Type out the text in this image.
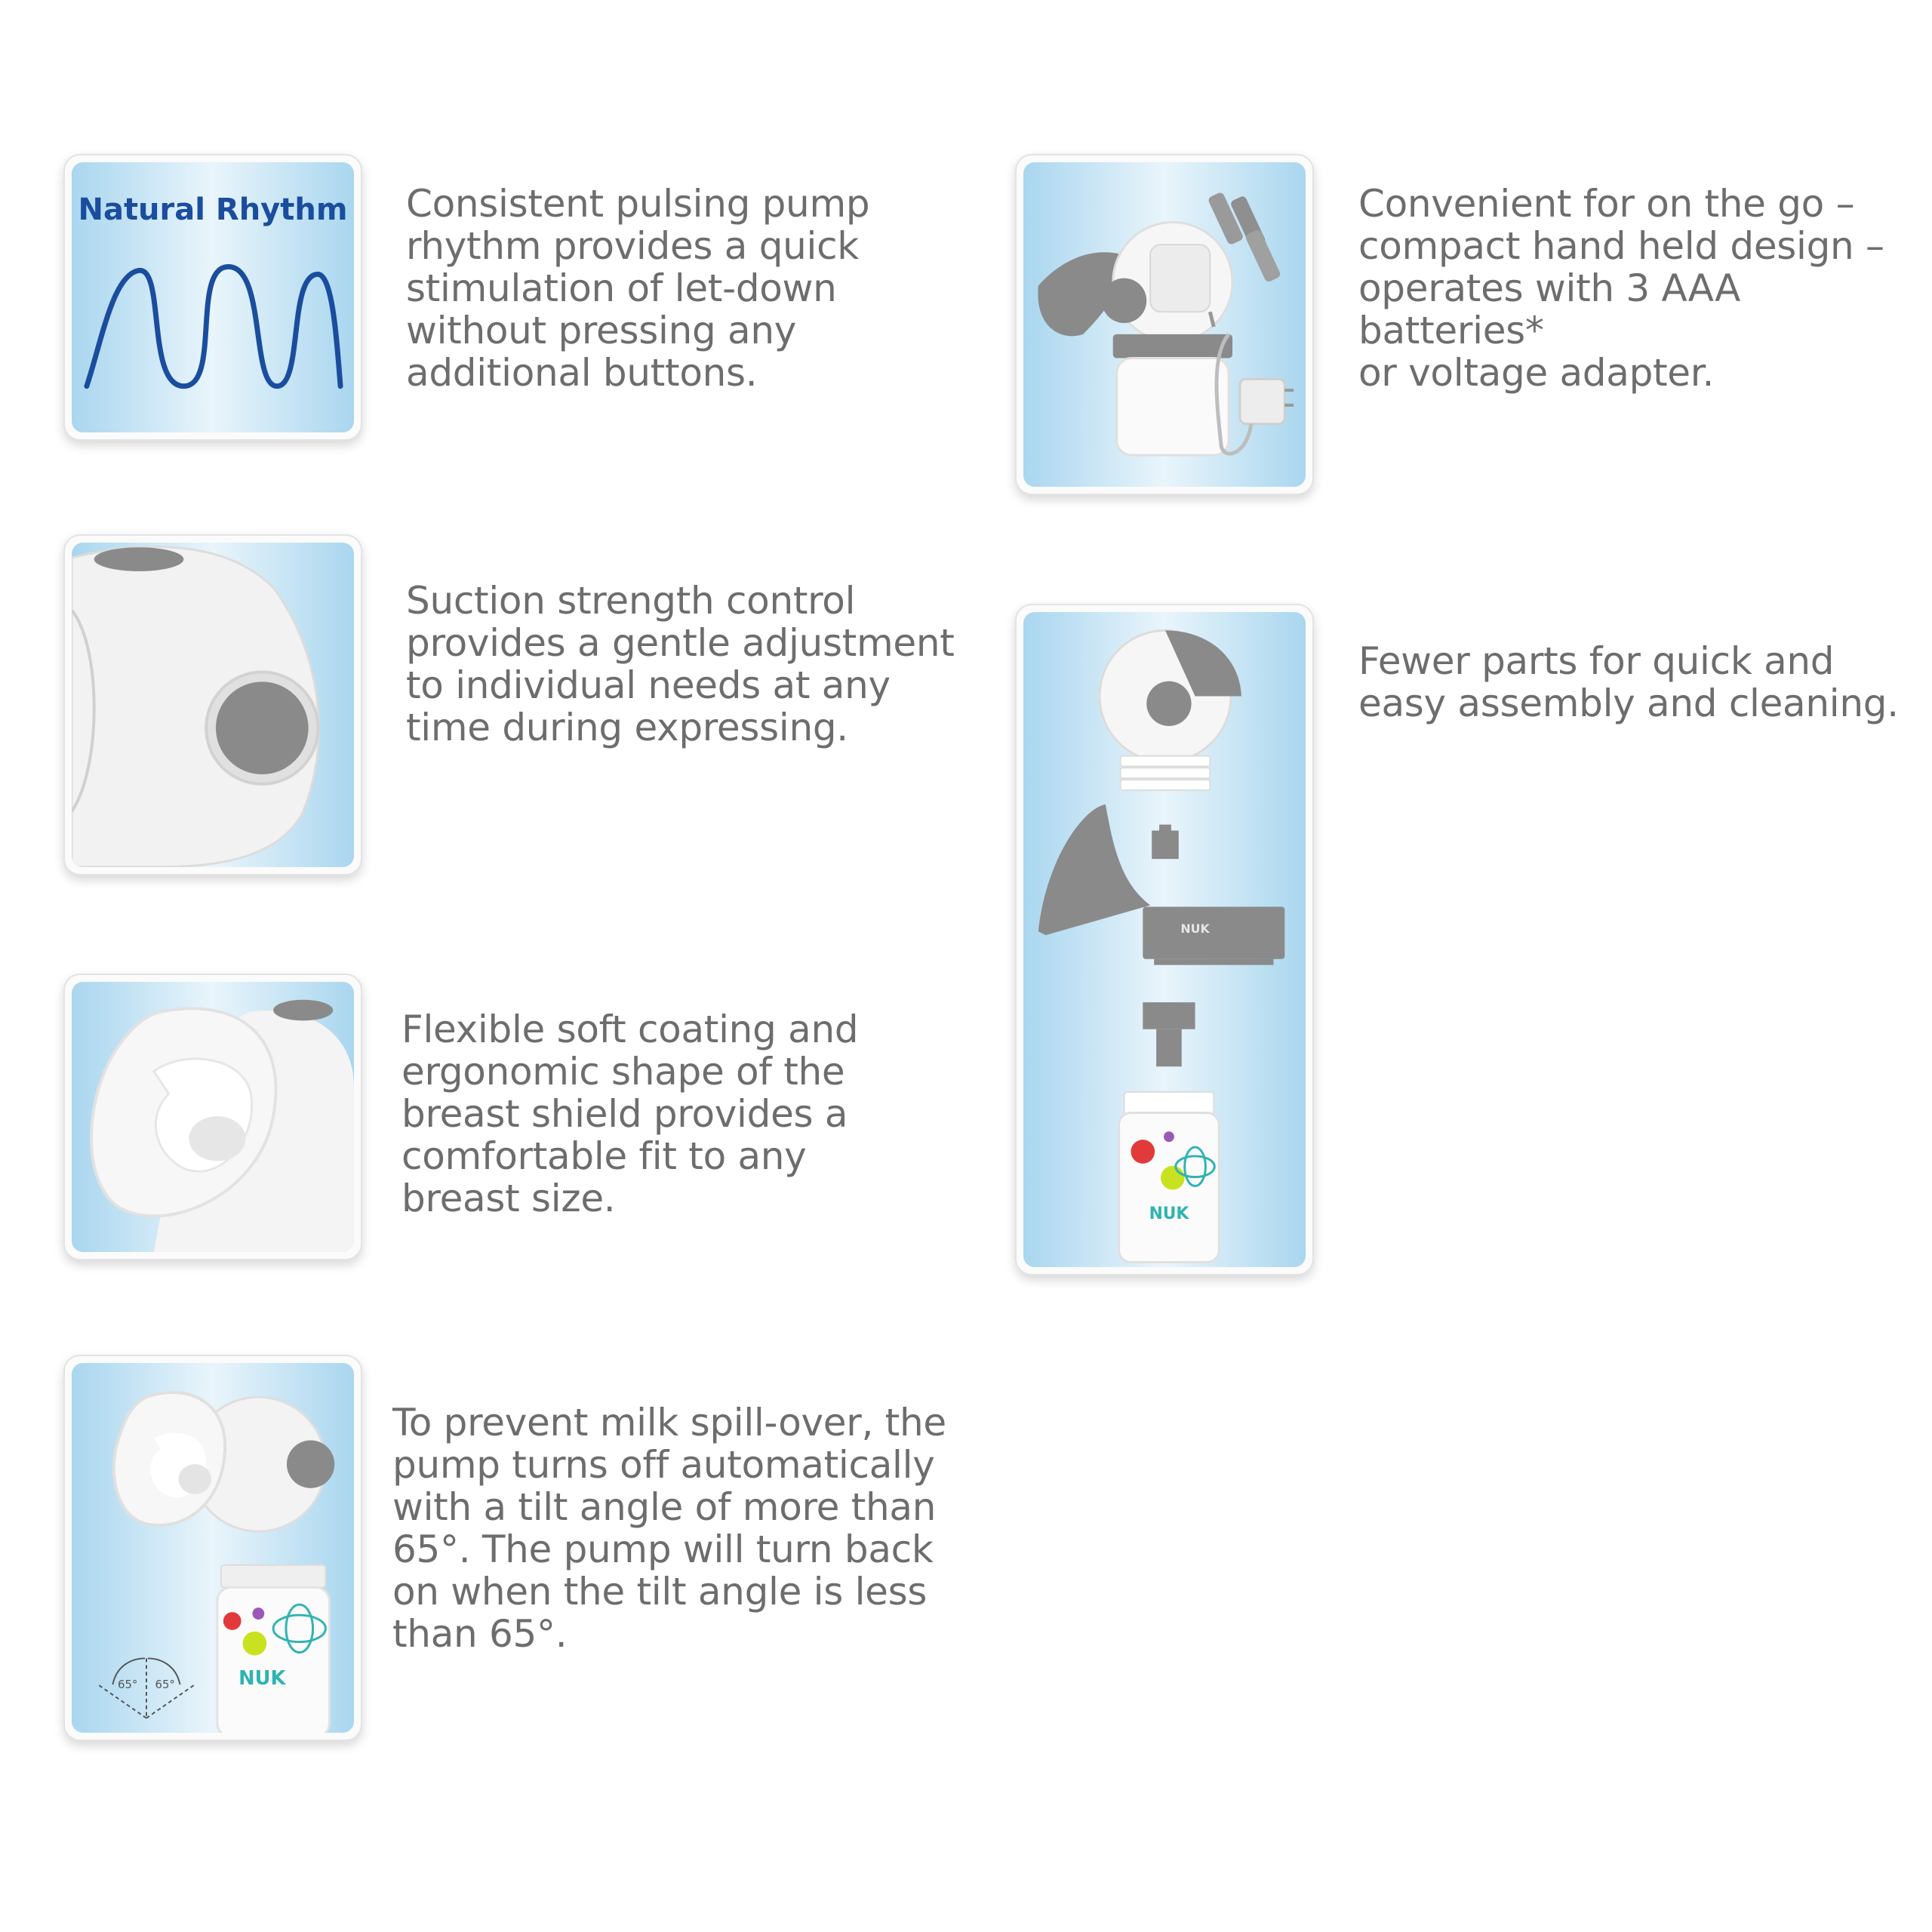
Natural Rhythm Consistent pulsing pump
rhythm provides a quick
stimulation of let-down
without pressing any
additional buttons.

Suction strength control
provides a gentle adjustment
to individual needs at any
time during expressing.

Flexible soft coating and
ergonomic shape of the
breast shield provides a
comfortable fit to any
breast size.

NUK
65° 65°

To prevent milk spill-over, the
pump turns off automatically
with a tilt angle of more than
65°. The pump will turn back
on when the tilt angle is less
than 65°.

Convenient for on the go –
compact hand held design –
operates with 3 AAA batteries*
or voltage adapter.

NUK
NUK

Fewer parts for quick and
easy assembly and cleaning.
